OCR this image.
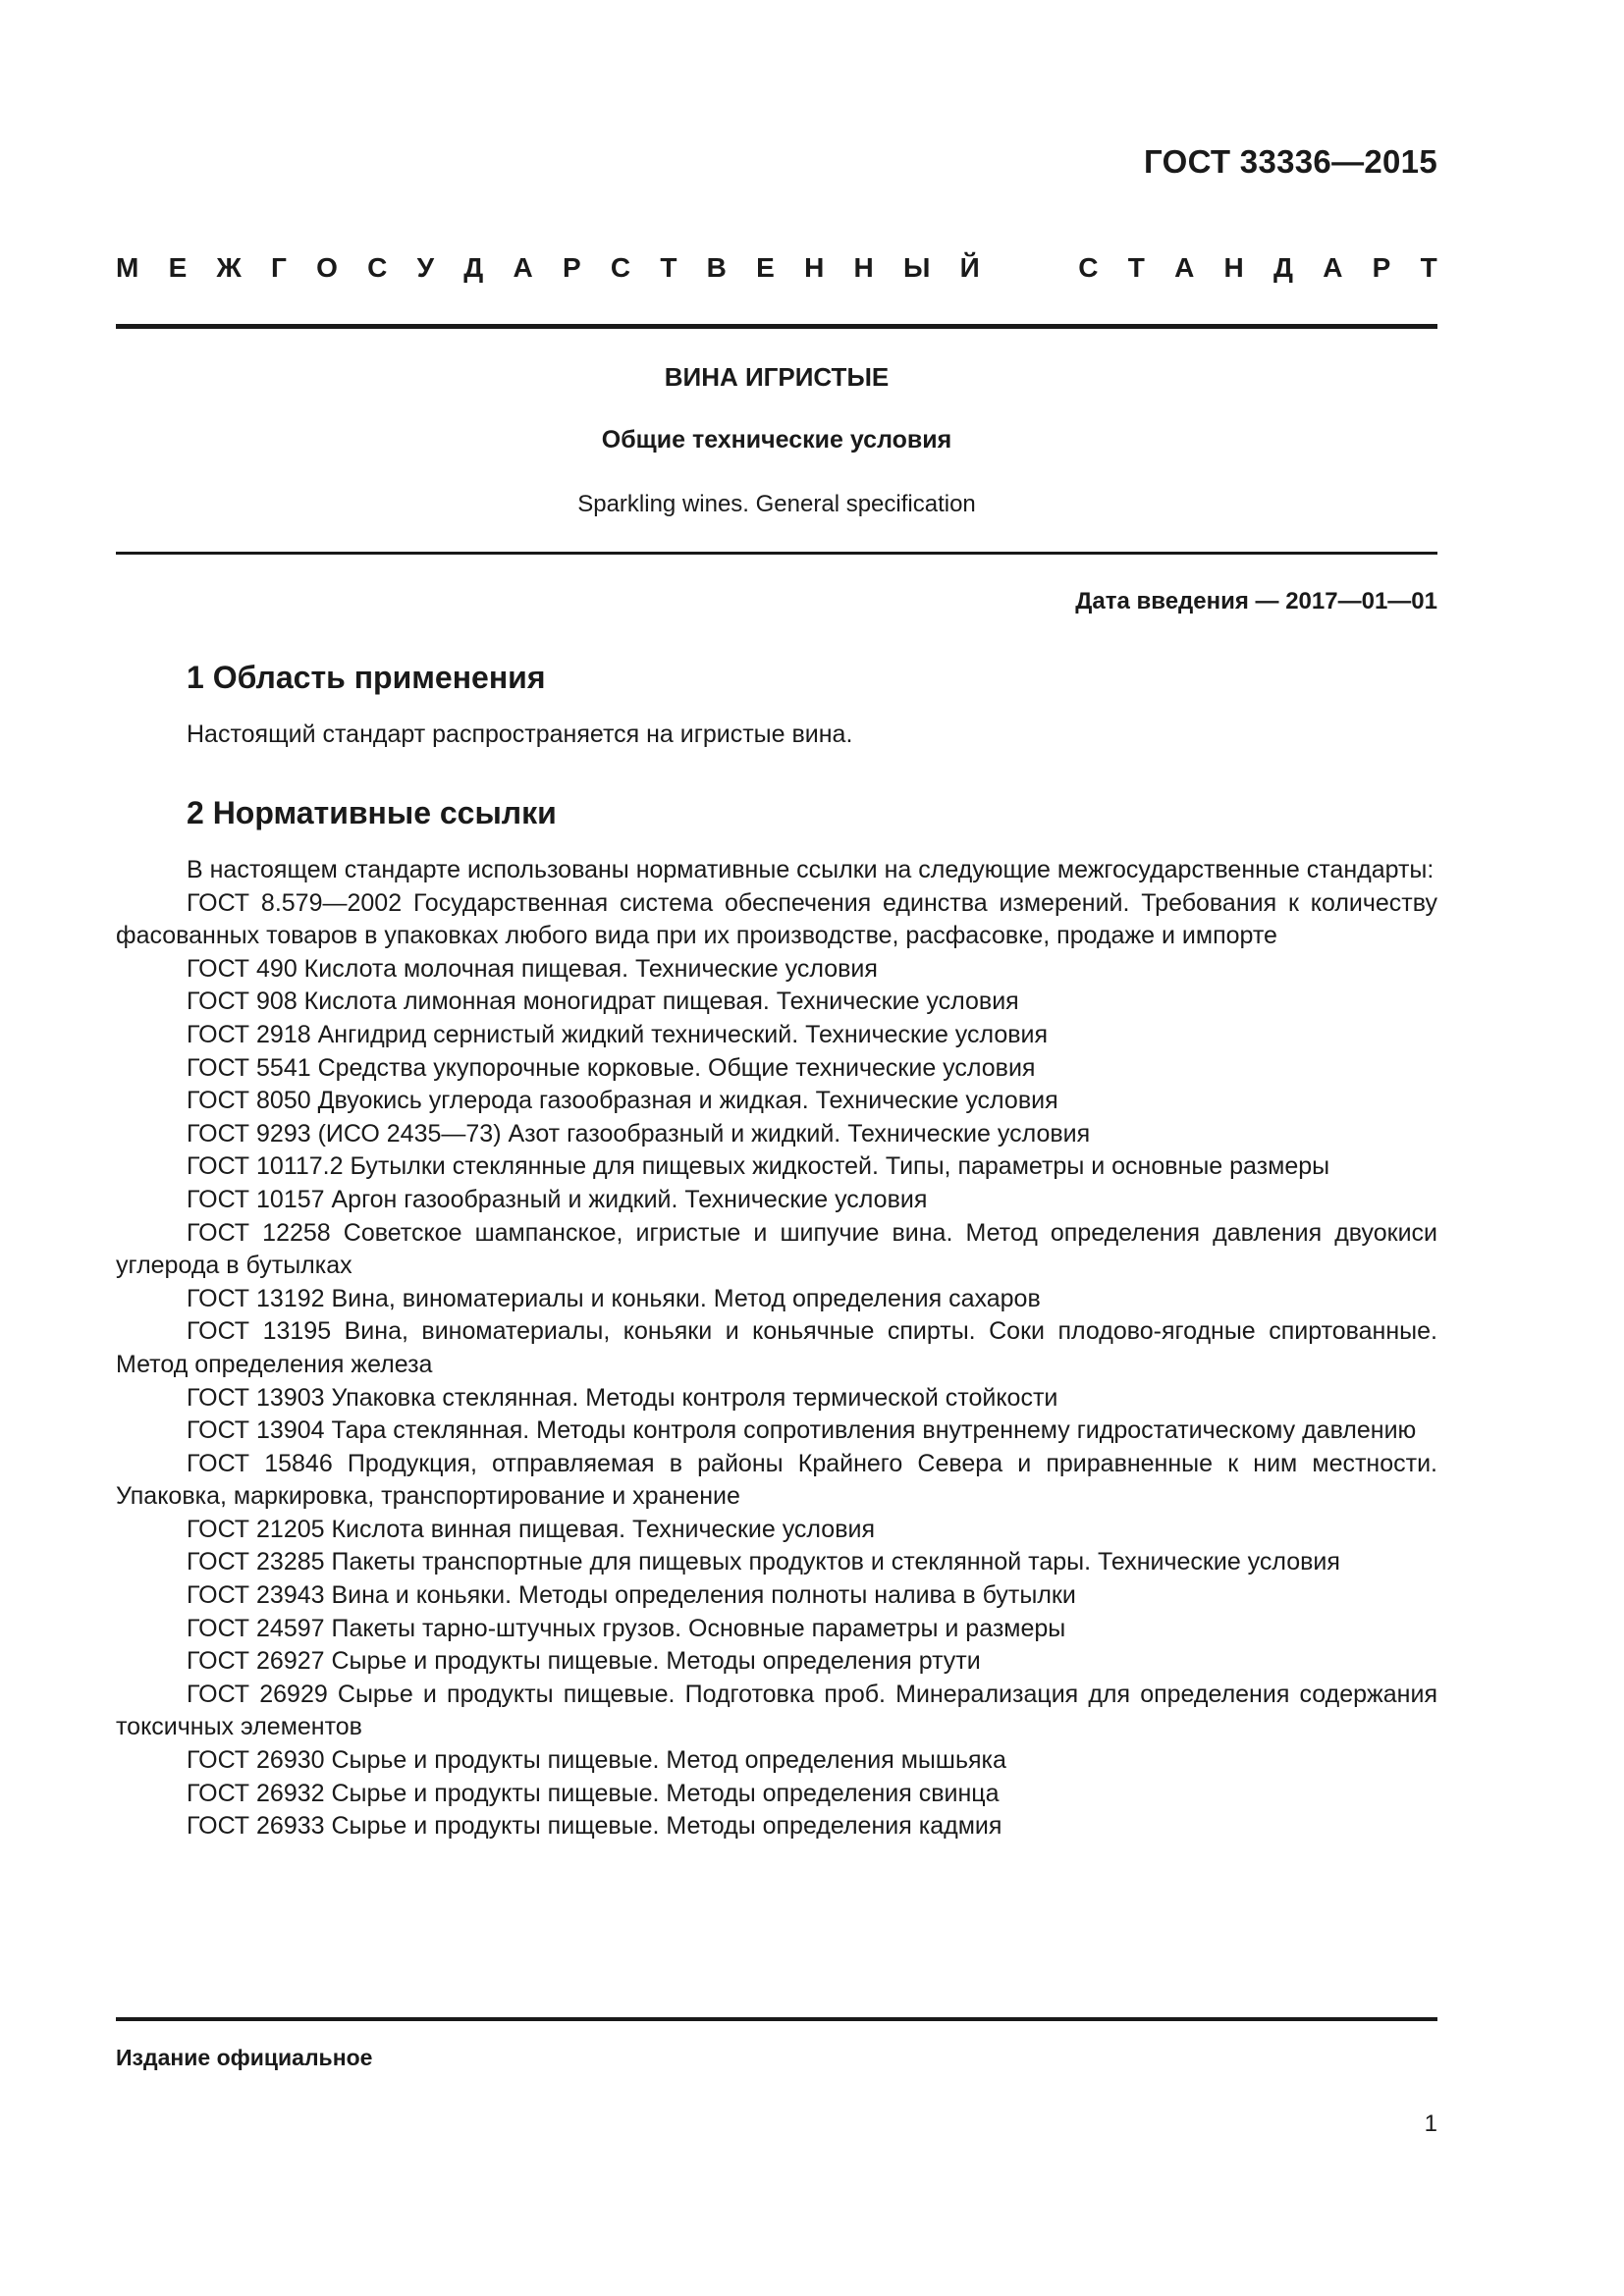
ГОСТ 33336—2015
М Е Ж Г О С У Д А Р С Т В Е Н Н Ы Й	С Т А Н Д А Р Т
ВИНА ИГРИСТЫЕ
Общие технические условия
Sparkling wines. General specification
Дата введения — 2017—01—01
1 Область применения
Настоящий стандарт распространяется на игристые вина.
2 Нормативные ссылки

В настоящем стандарте использованы нормативные ссылки на следующие межгосударственные стандарты:

ГОСТ 8.579—2002 Государственная система обеспечения единства измерений. Требования к количеству фасованных товаров в упаковках любого вида при их производстве, расфасовке, продаже и импорте

ГОСТ 490 Кислота молочная пищевая. Технические условия

ГОСТ 908 Кислота лимонная моногидрат пищевая. Технические условия

ГОСТ 2918 Ангидрид сернистый жидкий технический. Технические условия

ГОСТ 5541 Средства укупорочные корковые. Общие технические условия

ГОСТ 8050 Двуокись углерода газообразная и жидкая. Технические условия

ГОСТ 9293 (ИСО 2435—73) Азот газообразный и жидкий. Технические условия

ГОСТ 10117.2 Бутылки стеклянные для пищевых жидкостей. Типы, параметры и основные размеры

ГОСТ 10157 Аргон газообразный и жидкий. Технические условия

ГОСТ 12258 Советское шампанское, игристые и шипучие вина. Метод определения давления двуокиси углерода в бутылках

ГОСТ 13192 Вина, виноматериалы и коньяки. Метод определения сахаров

ГОСТ 13195 Вина, виноматериалы, коньяки и коньячные спирты. Соки плодово-ягодные спиртованные. Метод определения железа

ГОСТ 13903 Упаковка стеклянная. Методы контроля термической стойкости

ГОСТ 13904 Тара стеклянная. Методы контроля сопротивления внутреннему гидростатическому давлению

ГОСТ 15846 Продукция, отправляемая в районы Крайнего Севера и приравненные к ним местности. Упаковка, маркировка, транспортирование и хранение

ГОСТ 21205 Кислота винная пищевая. Технические условия

ГОСТ 23285 Пакеты транспортные для пищевых продуктов и стеклянной тары. Технические условия

ГОСТ 23943 Вина и коньяки. Методы определения полноты налива в бутылки

ГОСТ 24597 Пакеты тарно-штучных грузов. Основные параметры и размеры

ГОСТ 26927 Сырье и продукты пищевые. Методы определения ртути

ГОСТ 26929 Сырье и продукты пищевые. Подготовка проб. Минерализация для определения содержания токсичных элементов

ГОСТ 26930 Сырье и продукты пищевые. Метод определения мышьяка

ГОСТ 26932 Сырье и продукты пищевые. Методы определения свинца

ГОСТ 26933 Сырье и продукты пищевые. Методы определения кадмия

Издание официальное
1
